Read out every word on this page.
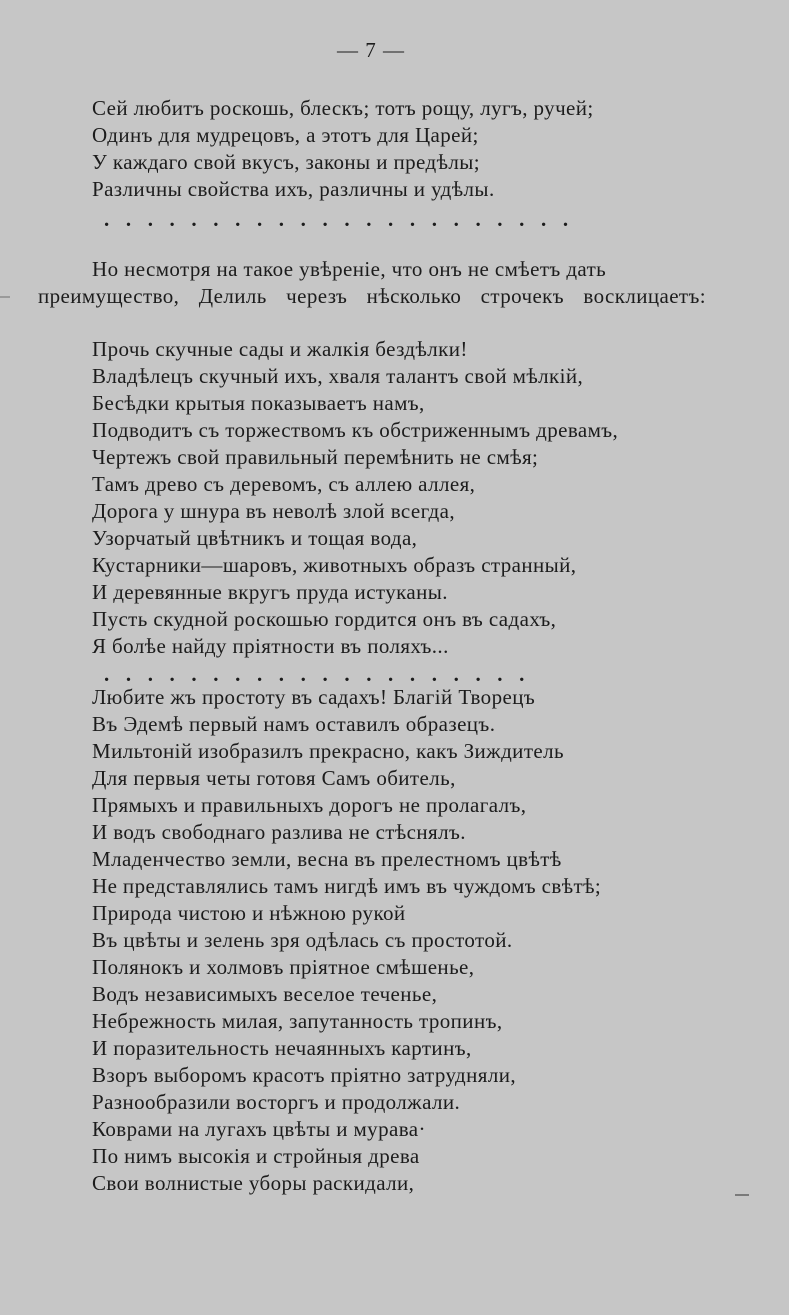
— 7 —
Сей любитъ роскошь, блескъ; тотъ рощу, лугъ, ручей;
Одинъ для мудрецовъ, а этотъ для Царей;
У каждаго свой вкусъ, законы и предѣлы;
Различны свойства ихъ, различны и удѣлы.
......................
Но несмотря на такое увѣреніе, что онъ не смѣетъ дать
преимущество, Делиль черезъ нѣсколько строчекъ восклицаетъ:
Прочь скучные сады и жалкія бездѣлки!
Владѣлецъ скучный ихъ, хваля талантъ свой мѣлкій,
Бесѣдки крытыя показываетъ намъ,
Подводитъ съ торжествомъ къ обстриженнымъ древамъ,
Чертежъ свой правильный перемѣнить не смѣя;
Тамъ древо съ деревомъ, съ аллею аллея,
Дорога у шнура въ неволѣ злой всегда,
Узорчатый цвѣтникъ и тощая вода,
Кустарники—шаровъ, животныхъ образъ странный,
И деревянные вкругъ пруда истуканы.
Пусть скудной роскошью гордится онъ въ садахъ,
Я болѣе найду пріятности въ поляхъ...
....................
Любите жъ простоту въ садахъ! Благій Творецъ
Въ Эдемѣ первый намъ оставилъ образецъ.
Мильтоній изобразилъ прекрасно, какъ Зиждитель
Для первыя четы готовя Самъ обитель,
Прямыхъ и правильныхъ дорогъ не пролагалъ,
И водъ свободнаго разлива не стѣснялъ.
Младенчество земли, весна въ прелестномъ цвѣтѣ
Не представлялись тамъ нигдѣ имъ въ чуждомъ свѣтѣ;
Природа чистою и нѣжною рукой
Въ цвѣты и зелень зря одѣлась съ простотой.
Полянокъ и холмовъ пріятное смѣшенье,
Водъ независимыхъ веселое теченье,
Небрежность милая, запутанность тропинъ,
И поразительность нечаянныхъ картинъ,
Взоръ выборомъ красотъ пріятно затрудняли,
Разнообразили восторгъ и продолжали.
Коврами на лугахъ цвѣты и мурава·
По нимъ высокія и стройныя древа
Свои волнистые уборы раскидали,
